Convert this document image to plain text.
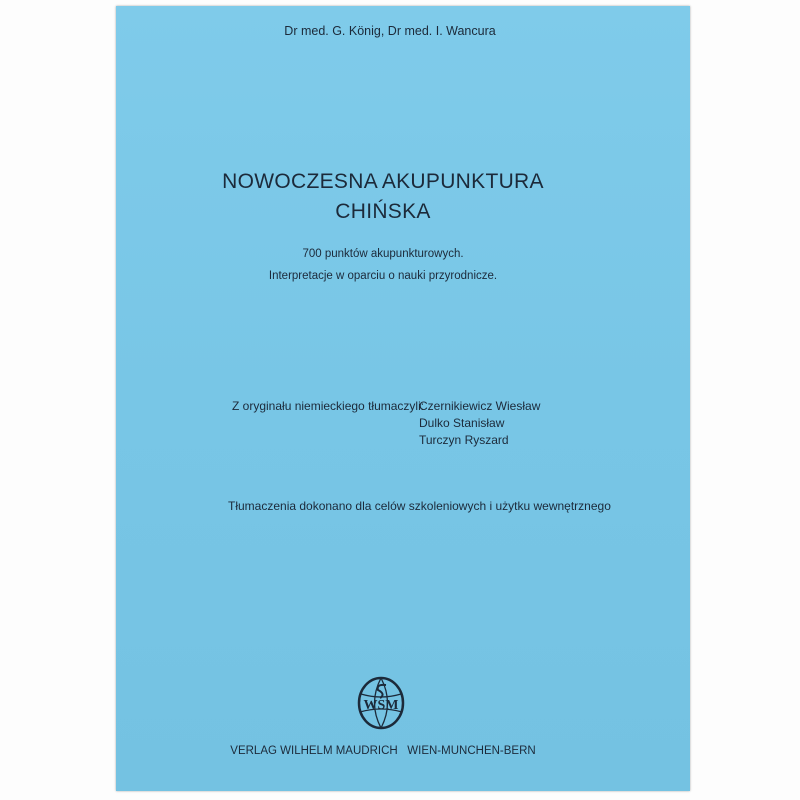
Dr med. G. König, Dr med. I. Wancura
NOWOCZESNA AKUPUNKTURA
CHIŃSKA
700 punktów akupunkturowych.
Interpretacje w oparciu o nauki przyrodnicze.
Z oryginału niemieckiego tłumaczyli:
Czernikiewicz Wiesław
Dulko Stanisław
Turczyn Ryszard
Tłumaczenia dokonano dla celów szkoleniowych i użytku wewnętrznego
WSM
VERLAG WILHELM MAUDRICH   WIEN-MUNCHEN-BERN
